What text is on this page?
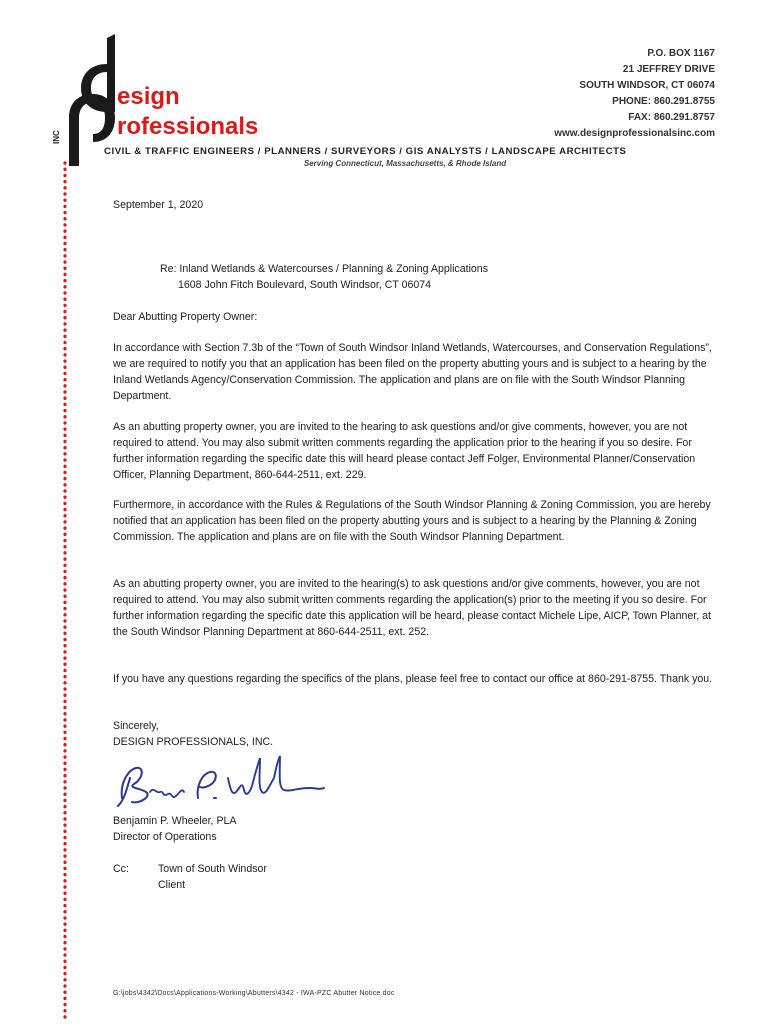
INC
esign
rofessionals
P.O. BOX 1167
21 JEFFREY DRIVE
SOUTH WINDSOR, CT 06074
PHONE: 860.291.8755
FAX: 860.291.8757
www.designprofessionalsinc.com
CIVIL & TRAFFIC ENGINEERS / PLANNERS / SURVEYORS / GIS ANALYSTS / LANDSCAPE ARCHITECTS
Serving Connecticut, Massachusetts, & Rhode Island
September 1, 2020
Re: Inland Wetlands & Watercourses / Planning & Zoning Applications
1608 John Fitch Boulevard, South Windsor, CT 06074
Dear Abutting Property Owner:

In accordance with Section 7.3b of the “Town of South Windsor Inland Wetlands, Watercourses, and Conservation Regulations”, we are required to notify you that an application has been filed on the property abutting yours and is subject to a hearing by the Inland Wetlands Agency/Conservation Commission. The application and plans are on file with the South Windsor Planning Department.

As an abutting property owner, you are invited to the hearing to ask questions and/or give comments, however, you are not required to attend. You may also submit written comments regarding the application prior to the hearing if you so desire. For further information regarding the specific date this will heard please contact Jeff Folger, Environmental Planner/Conservation Officer, Planning Department, 860-644-2511, ext. 229.

Furthermore, in accordance with the Rules & Regulations of the South Windsor Planning & Zoning Commission, you are hereby notified that an application has been filed on the property abutting yours and is subject to a hearing by the Planning & Zoning Commission. The application and plans are on file with the South Windsor Planning Department.

As an abutting property owner, you are invited to the hearing(s) to ask questions and/or give comments, however, you are not required to attend. You may also submit written comments regarding the application(s) prior to the meeting if you so desire. For further information regarding the specific date this application will be heard, please contact Michele Lipe, AICP, Town Planner, at the South Windsor Planning Department at 860-644-2511, ext. 252.

If you have any questions regarding the specifics of the plans, please feel free to contact our office at 860-291-8755. Thank you.

Sincerely,
DESIGN PROFESSIONALS, INC.
Benjamin P. Wheeler, PLA
Director of Operations
Cc:	Town of South Windsor
Client
G:\jobs\4342\Docs\Applications-Working\Abutters\4342 - IWA-PZC Abutter Notice.doc
